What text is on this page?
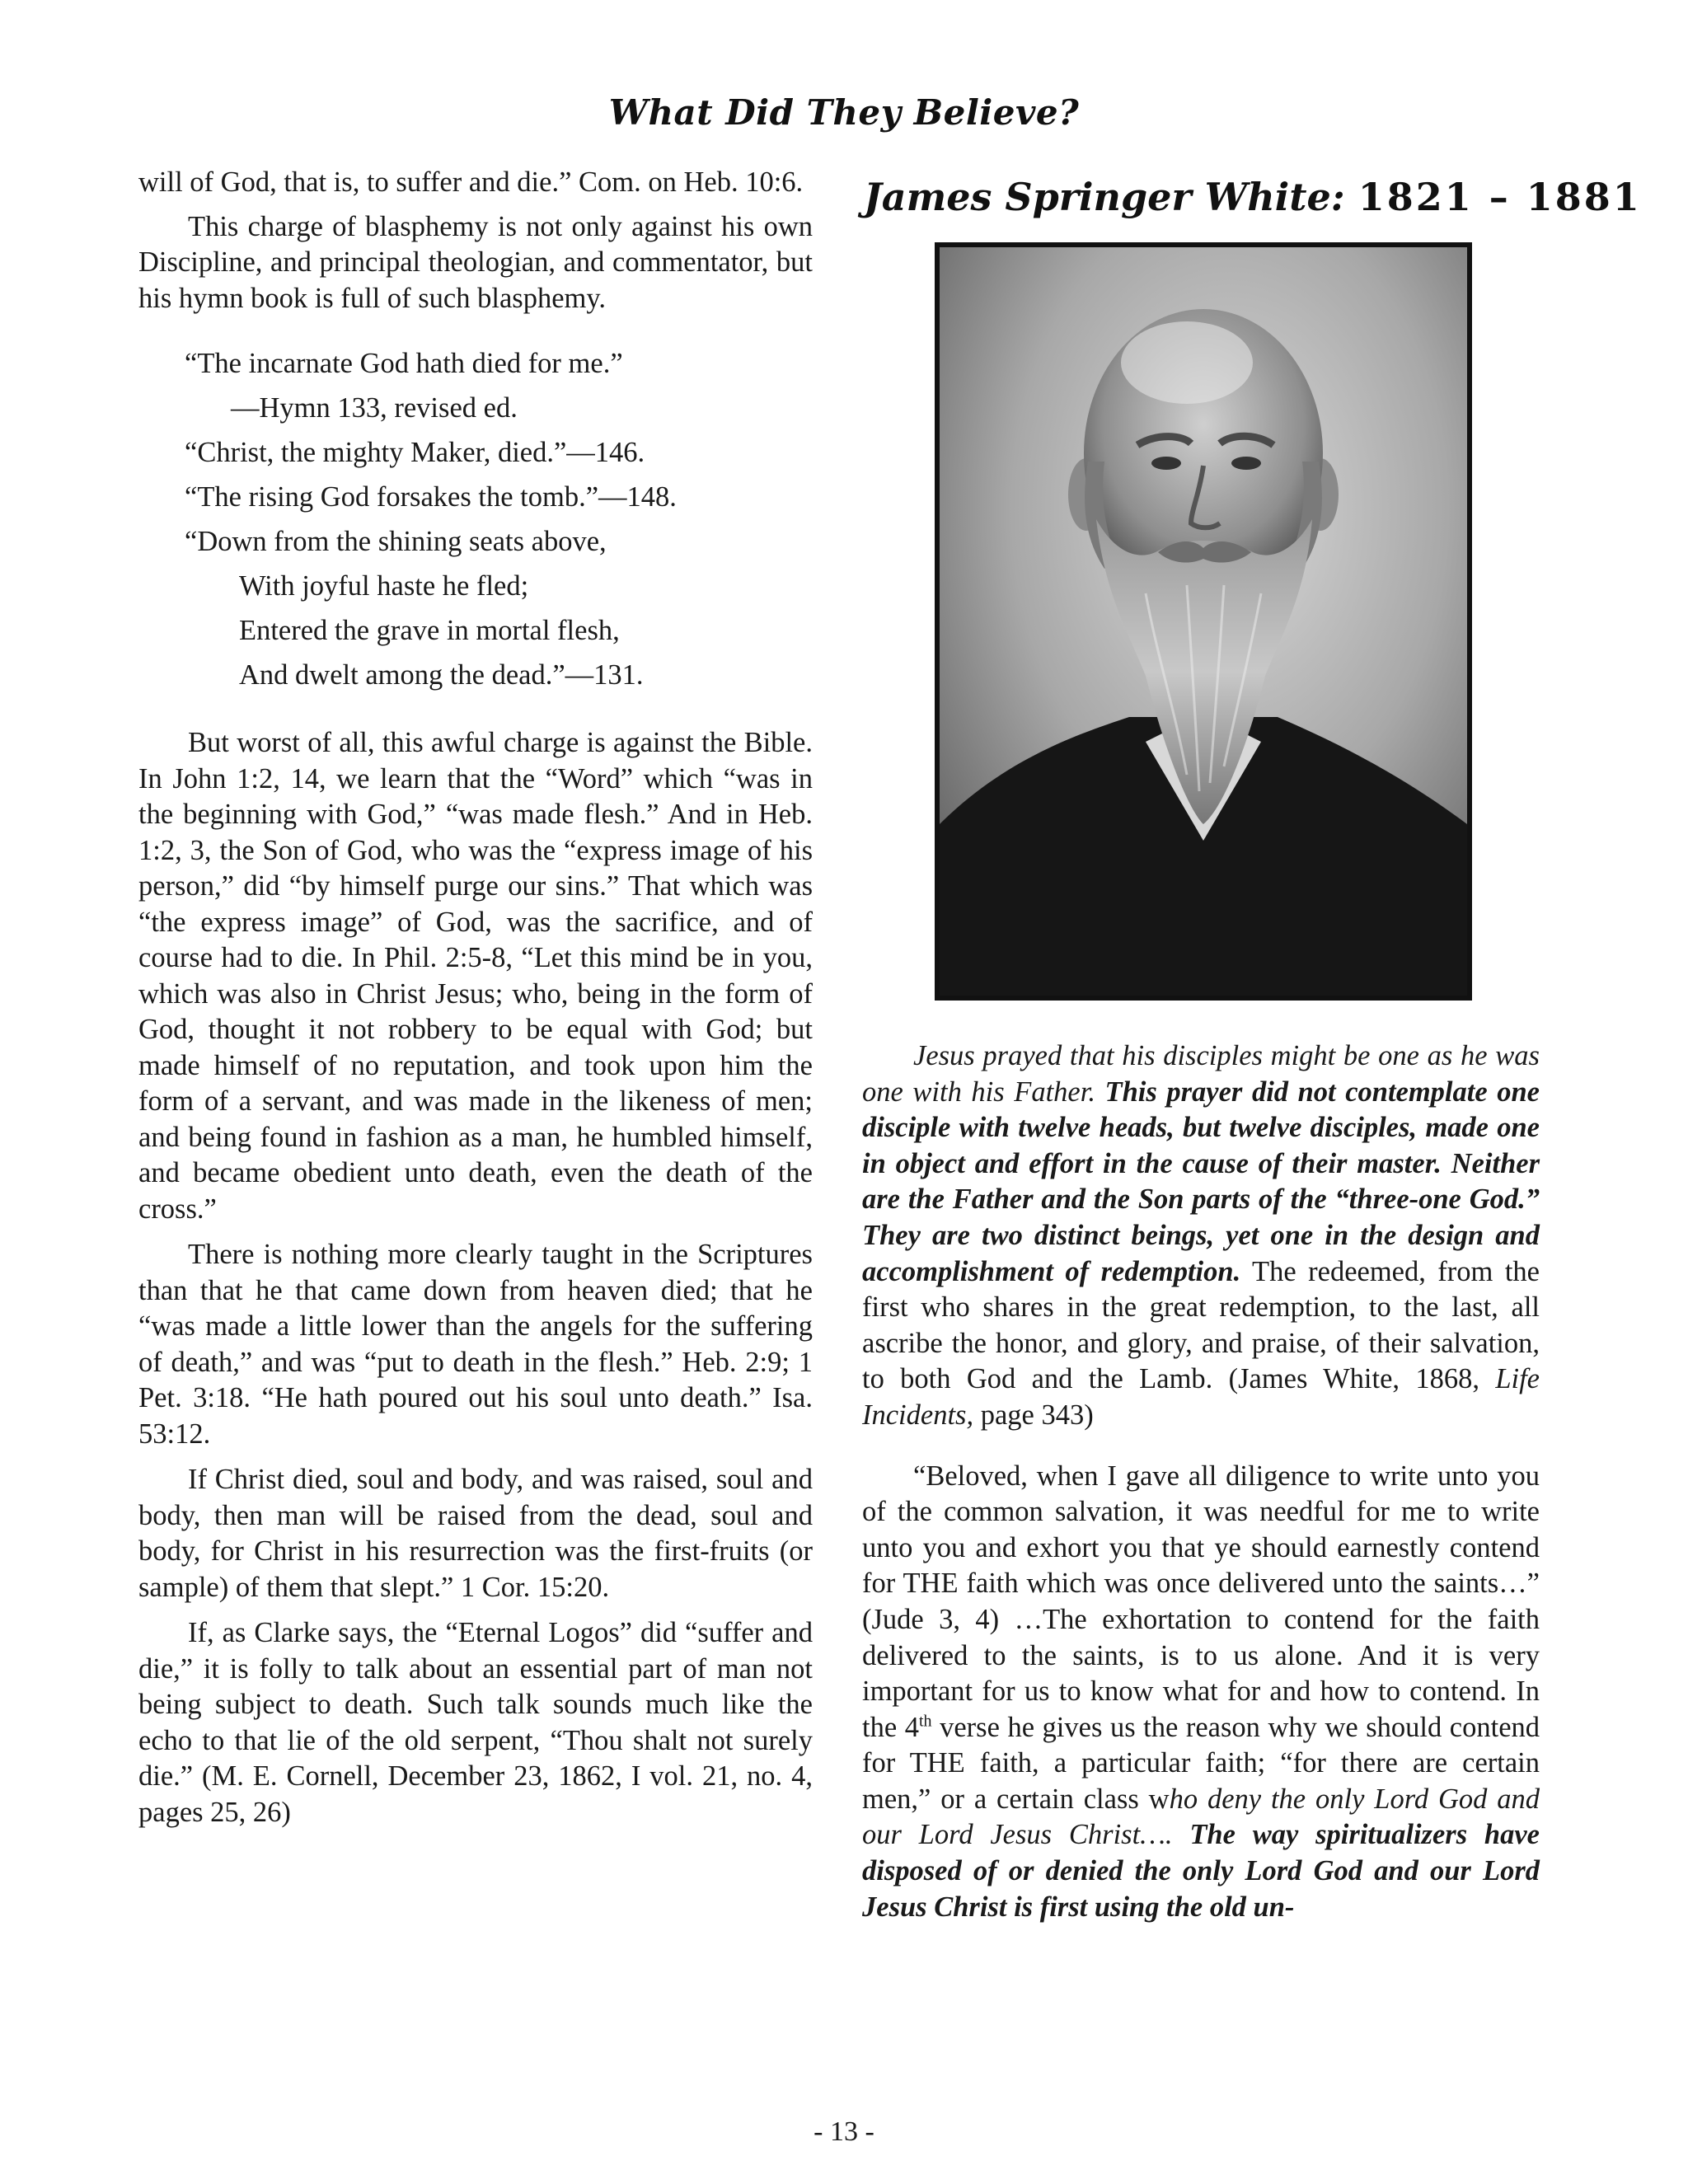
What Did They Believe?

will of God, that is, to suffer and die.” Com. on Heb. 10:6.

This charge of blasphemy is not only against his own Discipline, and principal theologian, and commentator, but his hymn book is full of such blasphemy.

“The incarnate God hath died for me.”
—Hymn 133, revised ed.
“Christ, the mighty Maker, died.”—146.
“The rising God forsakes the tomb.”—148.
“Down from the shining seats above,
With joyful haste he fled;
Entered the grave in mortal flesh,
And dwelt among the dead.”—131.

But worst of all, this awful charge is against the Bible. In John 1:2, 14, we learn that the “Word” which “was in the beginning with God,” “was made flesh.” And in Heb. 1:2, 3, the Son of God, who was the “express image of his person,” did “by himself purge our sins.” That which was “the express image” of God, was the sacrifice, and of course had to die. In Phil. 2:5-8, “Let this mind be in you, which was also in Christ Jesus; who, being in the form of God, thought it not robbery to be equal with God; but made himself of no reputation, and took upon him the form of a servant, and was made in the likeness of men; and being found in fashion as a man, he humbled himself, and became obedient unto death, even the death of the cross.”

There is nothing more clearly taught in the Scriptures than that he that came down from heaven died; that he “was made a little lower than the angels for the suffering of death,” and was “put to death in the flesh.” Heb. 2:9; 1 Pet. 3:18. “He hath poured out his soul unto death.” Isa. 53:12.

If Christ died, soul and body, and was raised, soul and body, then man will be raised from the dead, soul and body, for Christ in his resurrection was the first-fruits (or sample) of them that slept.” 1 Cor. 15:20.

If, as Clarke says, the “Eternal Logos” did “suffer and die,” it is folly to talk about an essential part of man not being subject to death. Such talk sounds much like the echo to that lie of the old serpent, “Thou shalt not surely die.” (M. E. Cornell, December 23, 1862, I vol. 21, no. 4, pages 25, 26)

James Springer White: 1821 – 1881

Jesus prayed that his disciples might be one as he was one with his Father. This prayer did not contemplate one disciple with twelve heads, but twelve disciples, made one in object and effort in the cause of their master. Neither are the Father and the Son parts of the “three-one God.” They are two distinct beings, yet one in the design and accomplishment of redemption. The redeemed, from the first who shares in the great redemption, to the last, all ascribe the honor, and glory, and praise, of their salvation, to both God and the Lamb. (James White, 1868, Life Incidents, page 343)

“Beloved, when I gave all diligence to write unto you of the common salvation, it was needful for me to write unto you and exhort you that ye should earnestly contend for THE faith which was once delivered unto the saints…” (Jude 3, 4) …The exhortation to contend for the faith delivered to the saints, is to us alone. And it is very important for us to know what for and how to contend. In the 4th verse he gives us the reason why we should contend for THE faith, a particular faith; “for there are certain men,” or a certain class who deny the only Lord God and our Lord Jesus Christ…. The way spiritualizers have disposed of or denied the only Lord God and our Lord Jesus Christ is first using the old un-

- 13 -
